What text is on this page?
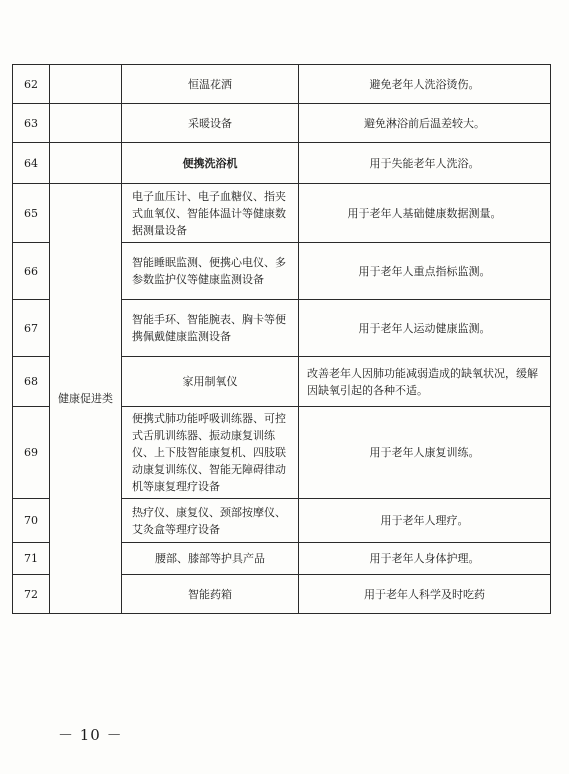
62		恒温花洒	避免老年人洗浴烫伤。
63		采暖设备	避免淋浴前后温差较大。
64		便携洗浴机	用于失能老年人洗浴。
65	健康促进类	电子血压计、电子血糖仪、指夹式血氧仪、智能体温计等健康数据测量设备	用于老年人基础健康数据测量。
66		智能睡眠监测、便携心电仪、多参数监护仪等健康监测设备	用于老年人重点指标监测。
67		智能手环、智能腕表、胸卡等便携佩戴健康监测设备	用于老年人运动健康监测。
68		家用制氧仪	改善老年人因肺功能减弱造成的缺氧状况，缓解因缺氧引起的各种不适。
69		便携式肺功能呼吸训练器、可控式舌肌训练器、振动康复训练仪、上下肢智能康复机、四肢联动康复训练仪、智能无障碍律动机等康复理疗设备	用于老年人康复训练。
70		热疗仪、康复仪、颈部按摩仪、艾灸盒等理疗设备	用于老年人理疗。
71		腰部、膝部等护具产品	用于老年人身体护理。
72		智能药箱	用于老年人科学及时吃药
－ 10 －
